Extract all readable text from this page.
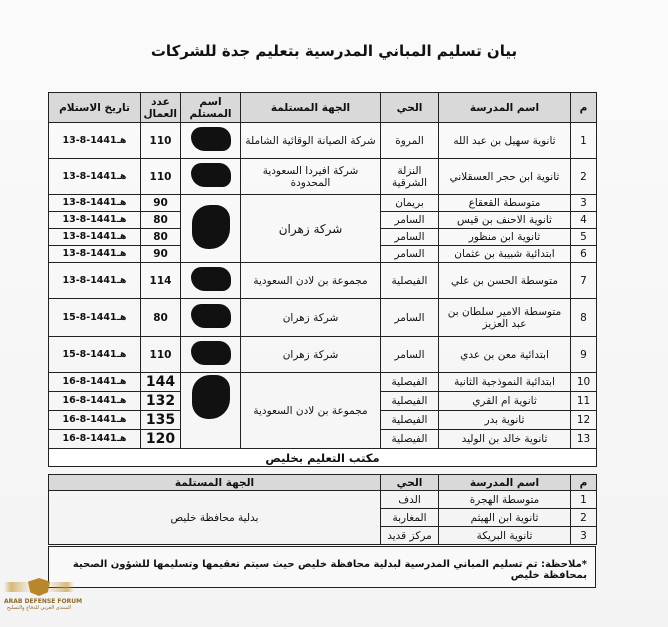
بيان تسليم المباني المدرسية بتعليم جدة للشركات
م	اسم المدرسة	الحي	الجهة المستلمة	اسم المستلم	عدد العمال	تاريخ الاستلام
1	ثانوية سهيل بن عبد الله	المروة	شركة الصيانة الوقائية الشاملة		110	13-8-1441هـ
2	ثانوية ابن حجر العسقلاني	النزلة الشرقية	شركة افيردا السعودية المحدودة		110	13-8-1441هـ
3	متوسطة القعقاع	بريمان	شركة زهران		90	13-8-1441هـ
4	ثانوية الاحنف بن قيس	السامر			80	13-8-1441هـ
5	ثانوية ابن منظور	السامر			80	13-8-1441هـ
6	ابتدائية شبيبة بن عثمان	السامر			90	13-8-1441هـ
7	متوسطة الحسن بن علي	الفيصلية	مجموعة بن لادن السعودية		114	13-8-1441هـ
8	متوسطة الامير سلطان بن عبد العزيز	السامر	شركة زهران		80	15-8-1441هـ
9	ابتدائية معن بن عدي	السامر	شركة زهران		110	15-8-1441هـ
10	ابتدائية النموذجية الثانية	الفيصلية	مجموعة بن لادن السعودية		144	16-8-1441هـ
11	ثانوية ام القري	الفيصلية			132	16-8-1441هـ
12	ثانوية بدر	الفيصلية			135	16-8-1441هـ
13	ثانوية خالد بن الوليد	الفيصلية			120	16-8-1441هـ
مكتب التعليم بخليص						
م	اسم المدرسة	الحي	الجهة المستلمة
1	متوسطة الهجرة	الدف	بدلية محافظة خليص
2	ثانوية ابن الهيثم	المغاربة	
3	ثانوية البريكة	مركز قديد	
*ملاحظة: تم تسليم المباني المدرسية لبدلية محافظة خليص حيث سيتم تعقيمها وتسليمها للشؤون الصحية بمحافظة خليص
ARAB DEFENSE FORUM
المنتدى العربي للدفاع والتسليح
